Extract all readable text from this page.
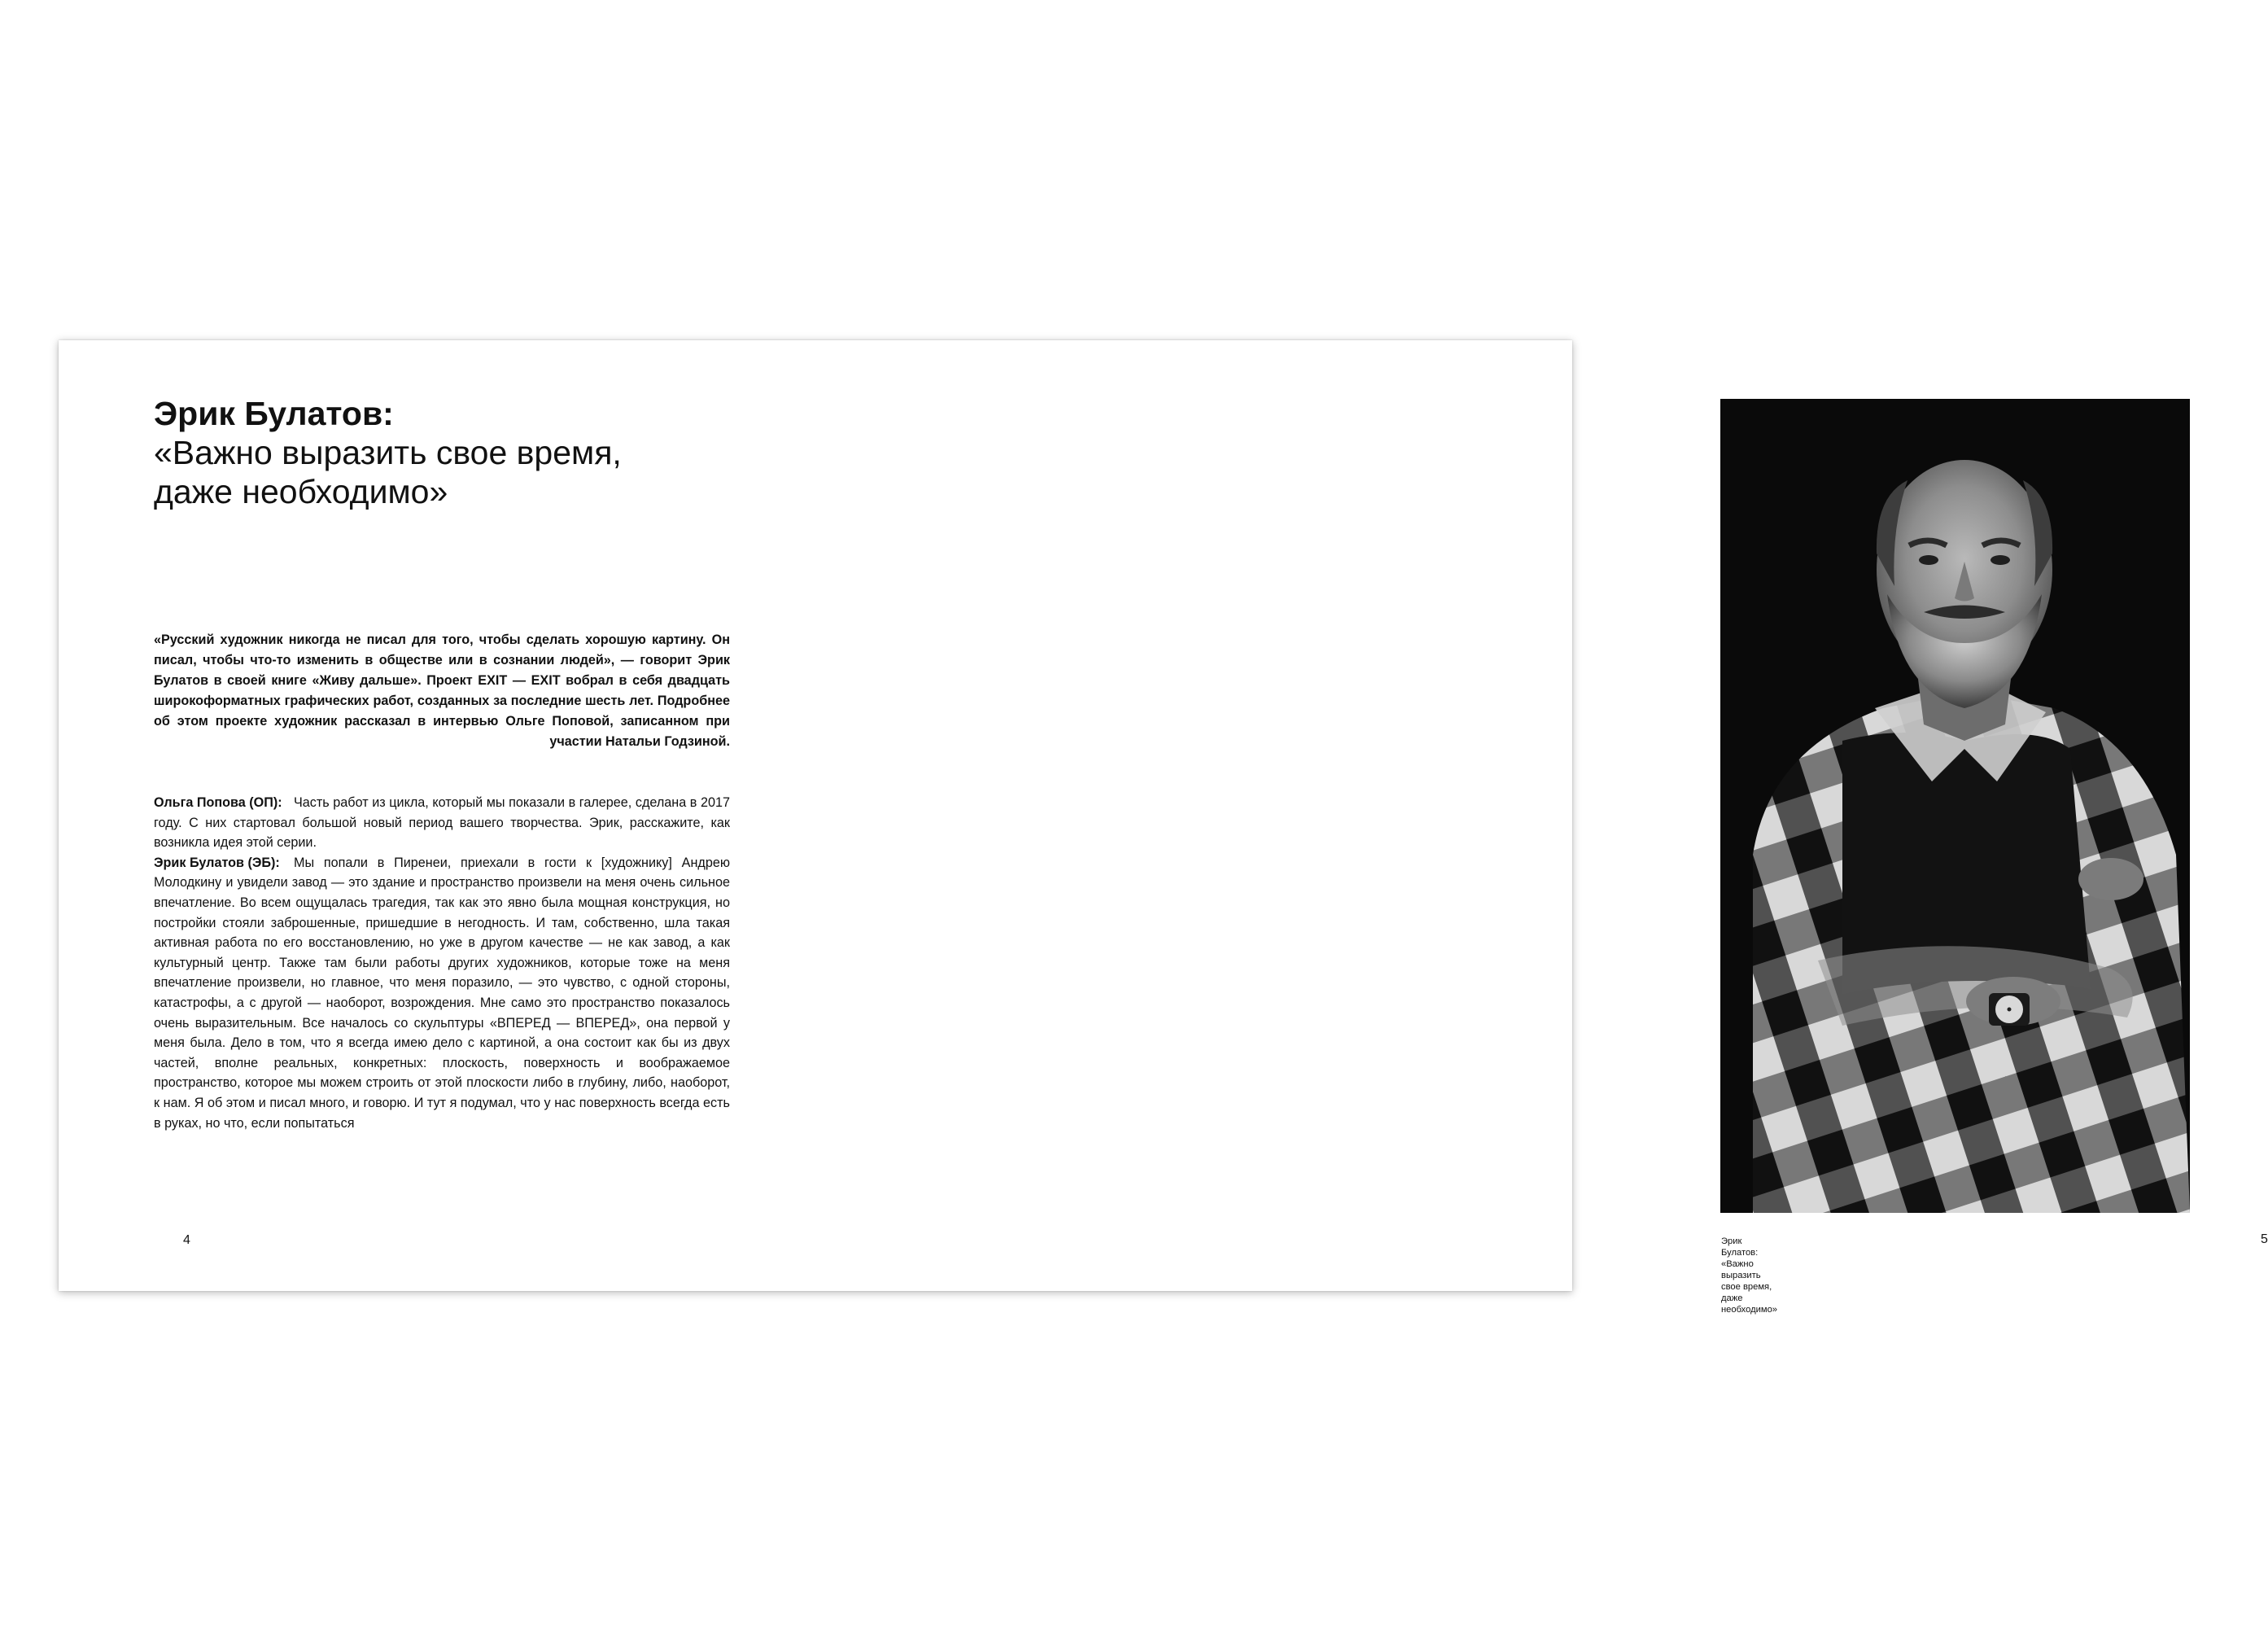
Эрик Булатов:
«Важно выразить свое время,
даже необходимо»

«Русский художник никогда не писал для того, чтобы сделать хорошую картину. Он писал, чтобы что-то изменить в обществе или в сознании людей», — говорит Эрик Булатов в своей книге «Живу дальше». Проект EXIT — EXIT вобрал в себя двадцать широкоформатных графических работ, созданных за последние шесть лет. Подробнее об этом проекте художник рассказал в интервью Ольге Поповой, записанном при участии Натальи Годзиной.

Ольга Попова (ОП): Часть работ из цикла, который мы показали в галерее, сделана в 2017 году. С них стартовал большой новый период вашего творчества. Эрик, расскажите, как возникла идея этой серии.

Эрик Булатов (ЭБ):	Мы попали в Пиренеи, приехали в гости к [художнику] Андрею Молодкину и увидели завод — это здание и пространство произвели на меня очень сильное впечатление. Во всем ощущалась трагедия, так как это явно была мощная конструкция, но постройки стояли заброшенные, пришедшие в негодность. И там, собственно, шла такая активная работа по его восстановлению, но уже в другом качестве — не как завод, а как культурный центр. Также там были работы других художников, которые тоже на меня впечатление произвели, но главное, что меня поразило, — это чувство, с одной стороны, катастрофы, а с другой — наоборот, возрождения. Мне само это пространство показалось очень выразительным. Все началось со скульптуры «ВПЕРЕД — ВПЕРЕД», она первой у меня была. Дело в том, что я всегда имею дело с картиной, а она состоит как бы из двух частей, вполне реальных, конкретных: плоскость, поверхность и воображаемое пространство, которое мы можем строить от этой плоскости либо в глубину, либо, наоборот, к нам. Я об этом и писал много, и говорю. И тут я подумал, что у нас поверхность всегда есть в руках, но что, если попытаться

4	Эрик Булатов: «Важно выразить свое время, даже необходимо»
5
